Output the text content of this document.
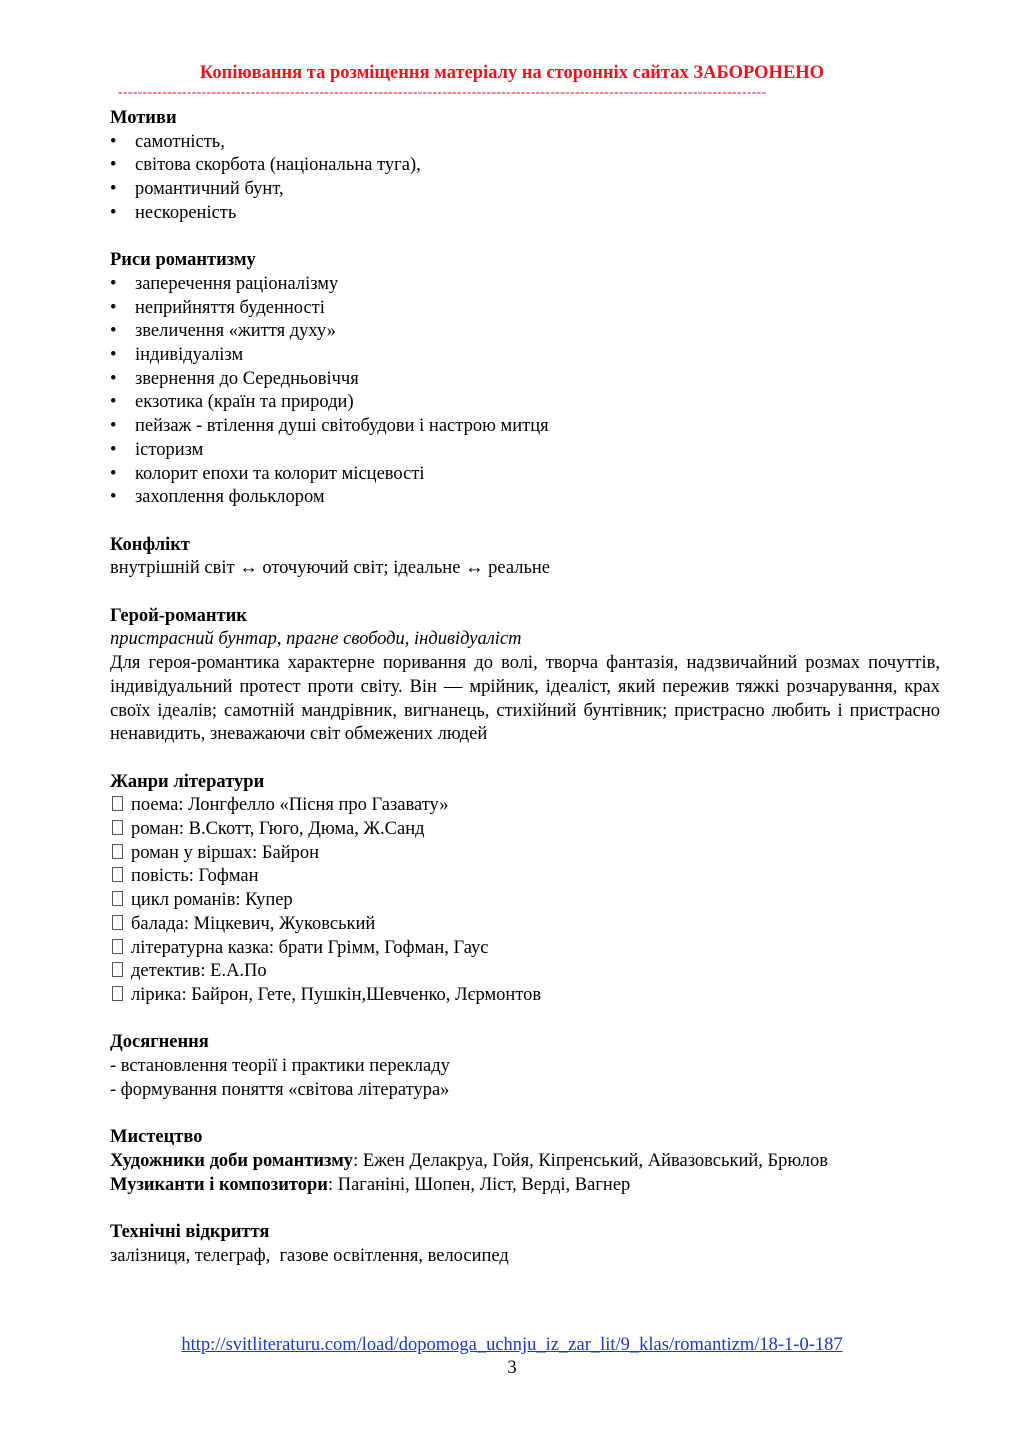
Копіювання та розміщення матеріалу на сторонніх сайтах ЗАБОРОНЕНО
------------------------------------------------------------------------------------------------------------------------------------
Мотиви
• самотність,
• світова скорбота (національна туга),
• романтичний бунт,
• нескореність
Риси романтизму
• заперечення раціоналізму
• неприйняття буденності
• звеличення «життя духу»
• індивідуалізм
• звернення до Середньовіччя
• екзотика (країн та природи)
• пейзаж - втілення душі світобудови і настрою митця
• історизм
• колорит епохи та колорит місцевості
• захоплення фольклором
Конфлікт
внутрішній світ ↔ оточуючий світ; ідеальне ↔ реальне
Герой-романтик
пристрасний бунтар, прагне свободи, індивідуаліст
Для героя-романтика характерне поривання до волі, творча фантазія, надзвичайний розмах почуттів, індивідуальний протест проти світу. Він — мрійник, ідеаліст, який пережив тяжкі розчарування, крах своїх ідеалів; самотній мандрівник, вигнанець, стихійний бунтівник; пристрасно любить і пристрасно ненавидить, зневажаючи світ обмежених людей
Жанри літератури
поема: Лонгфелло «Пісня про Газавату»
роман: В.Скотт, Гюго, Дюма, Ж.Санд
роман у віршах: Байрон
повість: Гофман
цикл романів: Купер
балада: Міцкевич, Жуковський
літературна казка: брати Грімм, Гофман, Гаус
детектив: Е.А.По
лірика: Байрон, Гете, Пушкін,Шевченко, Лєрмонтов
Досягнення
- встановлення теорії і практики перекладу
- формування поняття «світова література»
Мистецтво
Художники доби романтизму: Ежен Делакруа, Гойя, Кіпренський, Айвазовський, Брюлов
Музиканти і композитори: Паганіні, Шопен, Ліст, Верді, Вагнер
Технічні відкриття
залізниця, телеграф,  газове освітлення, велосипед
http://svitliteraturu.com/load/dopomoga_uchnju_iz_zar_lit/9_klas/romantizm/18-1-0-187
3
